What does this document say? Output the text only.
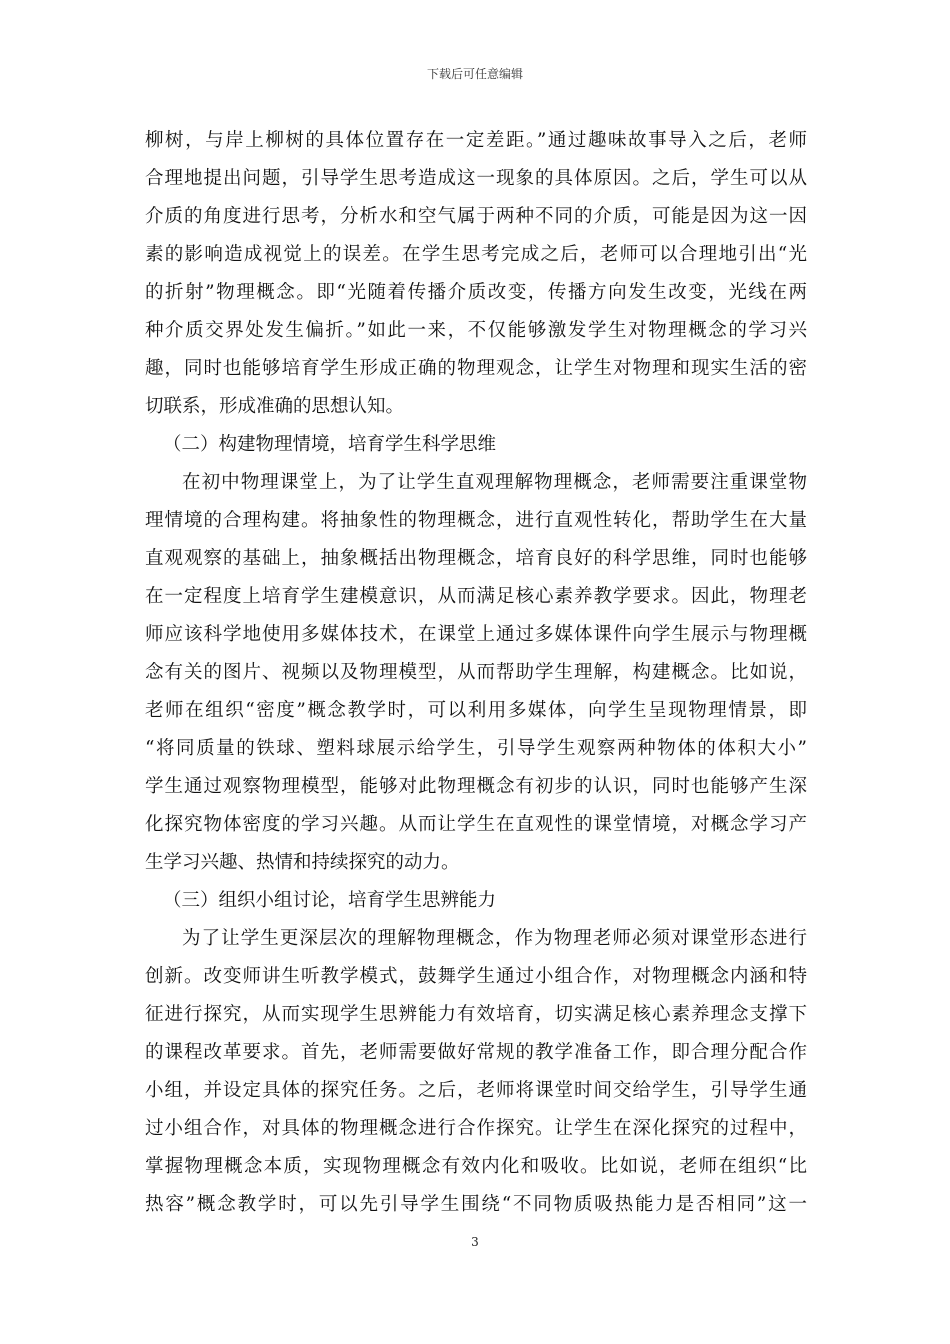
下载后可任意编辑
柳树，与岸上柳树的具体位置存在一定差距。”通过趣味故事导入之后，老师
合理地提出问题，引导学生思考造成这一现象的具体原因。之后，学生可以从
介质的角度进行思考，分析水和空气属于两种不同的介质，可能是因为这一因
素的影响造成视觉上的误差。在学生思考完成之后，老师可以合理地引出“光
的折射”物理概念。即“光随着传播介质改变，传播方向发生改变，光线在两
种介质交界处发生偏折。”如此一来，不仅能够激发学生对物理概念的学习兴
趣，同时也能够培育学生形成正确的物理观念，让学生对物理和现实生活的密
切联系，形成准确的思想认知。
（二）构建物理情境，培育学生科学思维
在初中物理课堂上，为了让学生直观理解物理概念，老师需要注重课堂物
理情境的合理构建。将抽象性的物理概念，进行直观性转化，帮助学生在大量
直观观察的基础上，抽象概括出物理概念，培育良好的科学思维，同时也能够
在一定程度上培育学生建模意识，从而满足核心素养教学要求。因此，物理老
师应该科学地使用多媒体技术，在课堂上通过多媒体课件向学生展示与物理概
念有关的图片、视频以及物理模型，从而帮助学生理解，构建概念。比如说，
老师在组织“密度”概念教学时，可以利用多媒体，向学生呈现物理情景，即
“将同质量的铁球、塑料球展示给学生，引导学生观察两种物体的体积大小”
学生通过观察物理模型，能够对此物理概念有初步的认识，同时也能够产生深
化探究物体密度的学习兴趣。从而让学生在直观性的课堂情境，对概念学习产
生学习兴趣、热情和持续探究的动力。
（三）组织小组讨论，培育学生思辨能力
为了让学生更深层次的理解物理概念，作为物理老师必须对课堂形态进行
创新。改变师讲生听教学模式，鼓舞学生通过小组合作，对物理概念内涵和特
征进行探究，从而实现学生思辨能力有效培育，切实满足核心素养理念支撑下
的课程改革要求。首先，老师需要做好常规的教学准备工作，即合理分配合作
小组，并设定具体的探究任务。之后，老师将课堂时间交给学生，引导学生通
过小组合作，对具体的物理概念进行合作探究。让学生在深化探究的过程中，
掌握物理概念本质，实现物理概念有效内化和吸收。比如说，老师在组织“比
热容”概念教学时，可以先引导学生围绕“不同物质吸热能力是否相同”这一
3
